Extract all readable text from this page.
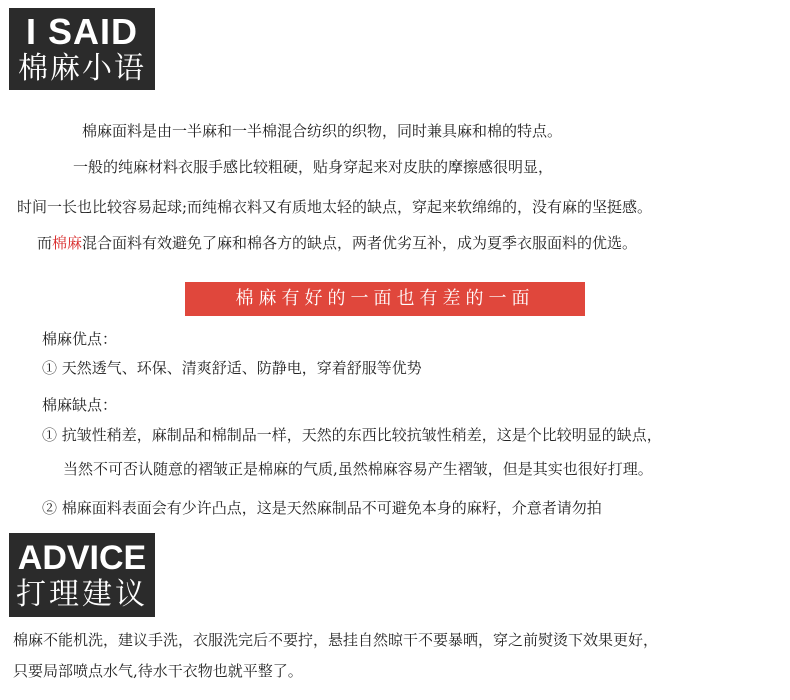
I SAID
棉麻小语
棉麻面料是由一半麻和一半棉混合纺织的织物，同时兼具麻和棉的特点。
一般的纯麻材料衣服手感比较粗硬，贴身穿起来对皮肤的摩擦感很明显，
时间一长也比较容易起球;而纯棉衣料又有质地太轻的缺点，穿起来软绵绵的，没有麻的坚挺感。
而棉麻混合面料有效避免了麻和棉各方的缺点，两者优劣互补，成为夏季衣服面料的优选。
棉麻有好的一面也有差的一面
棉麻优点：
① 天然透气、环保、清爽舒适、防静电，穿着舒服等优势
棉麻缺点：
① 抗皱性稍差，麻制品和棉制品一样，天然的东西比较抗皱性稍差，这是个比较明显的缺点，
当然不可否认随意的褶皱正是棉麻的气质,虽然棉麻容易产生褶皱，但是其实也很好打理。
② 棉麻面料表面会有少许凸点，这是天然麻制品不可避免本身的麻籽，介意者请勿拍
ADVICE
打理建议
棉麻不能机洗，建议手洗，衣服洗完后不要拧，悬挂自然晾干不要暴晒，穿之前熨烫下效果更好，
只要局部喷点水气,待水干衣物也就平整了。
